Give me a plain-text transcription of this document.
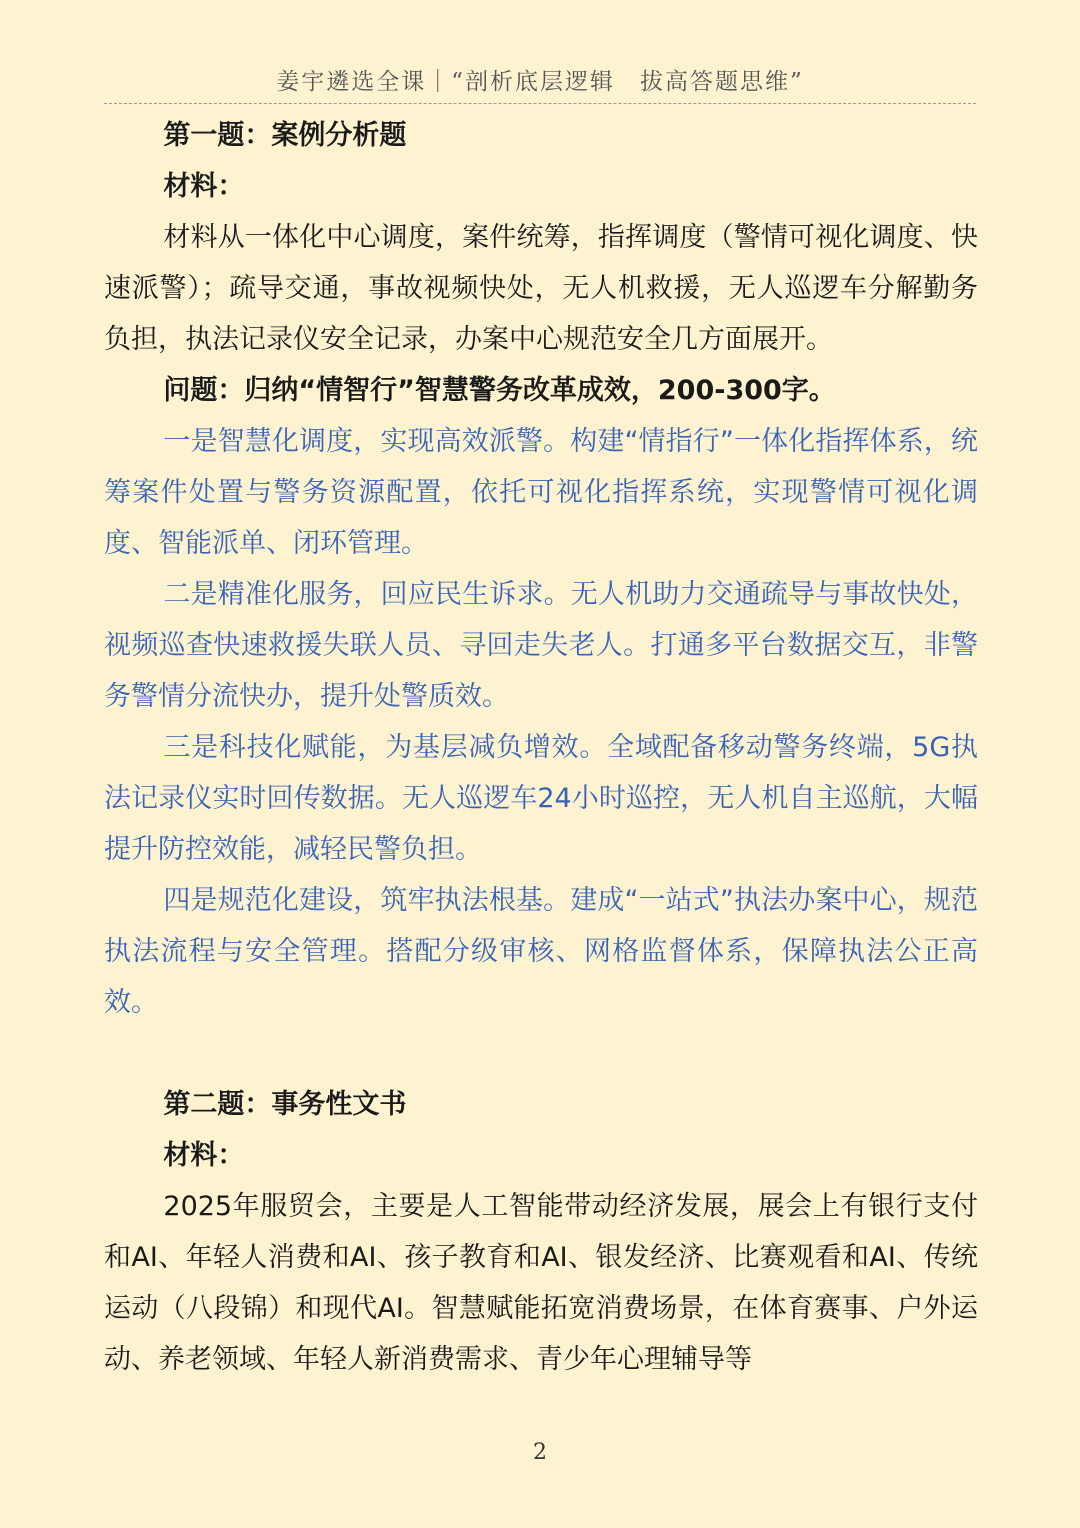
姜宇遴选全课｜“剖析底层逻辑　拔高答题思维”

第一题：案例分析题

材料：

材料从一体化中心调度，案件统筹，指挥调度（警情可视化调度、快速派警）；疏导交通，事故视频快处，无人机救援，无人巡逻车分解勤务负担，执法记录仪安全记录，办案中心规范安全几方面展开。

问题：归纳“情智行”智慧警务改革成效，200-300字。

一是智慧化调度，实现高效派警。构建“情指行”一体化指挥体系，统筹案件处置与警务资源配置，依托可视化指挥系统，实现警情可视化调度、智能派单、闭环管理。

二是精准化服务，回应民生诉求。无人机助力交通疏导与事故快处，视频巡查快速救援失联人员、寻回走失老人。打通多平台数据交互，非警务警情分流快办，提升处警质效。

三是科技化赋能，为基层减负增效。全域配备移动警务终端，5G执法记录仪实时回传数据。无人巡逻车24小时巡控，无人机自主巡航，大幅提升防控效能，减轻民警负担。

四是规范化建设，筑牢执法根基。建成“一站式”执法办案中心，规范执法流程与安全管理。搭配分级审核、网格监督体系，保障执法公正高效。

第二题：事务性文书

材料：

2025年服贸会，主要是人工智能带动经济发展，展会上有银行支付和AI、年轻人消费和AI、孩子教育和AI、银发经济、比赛观看和AI、传统运动（八段锦）和现代AI。智慧赋能拓宽消费场景，在体育赛事、户外运动、养老领域、年轻人新消费需求、青少年心理辅导等

2
